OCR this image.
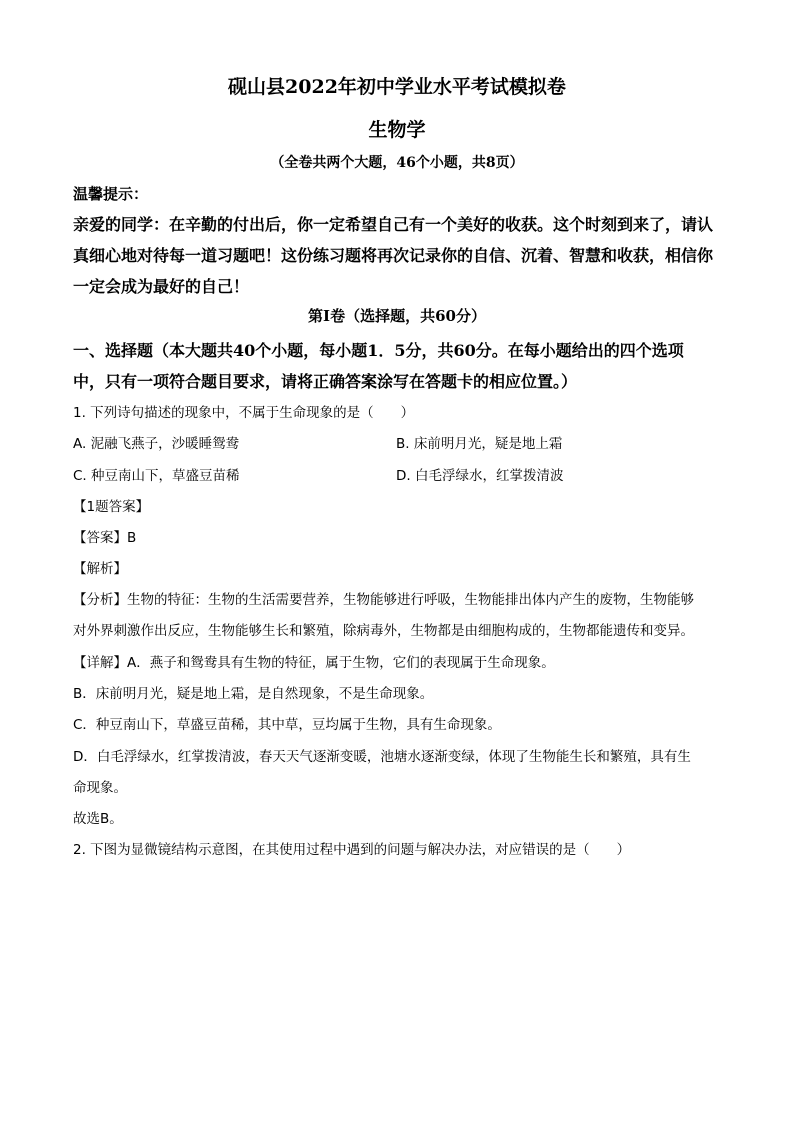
砚山县2022年初中学业水平考试模拟卷
生物学
（全卷共两个大题，46个小题，共8页）
温馨提示：
亲爱的同学：在辛勤的付出后，你一定希望自己有一个美好的收获。这个时刻到来了，请认
真细心地对待每一道习题吧！这份练习题将再次记录你的自信、沉着、智慧和收获，相信你
一定会成为最好的自己！
第I卷（选择题，共60分）
一、选择题（本大题共40个小题，每小题1．5分，共60分。在每小题给出的四个选项
中，只有一项符合题目要求，请将正确答案涂写在答题卡的相应位置。）
1. 下列诗句描述的现象中，不属于生命现象的是（　　）
A. 泥融飞燕子，沙暖睡鸳鸯	B. 床前明月光，疑是地上霜
C. 种豆南山下，草盛豆苗稀	D. 白毛浮绿水，红掌拨清波
【1题答案】
【答案】B
【解析】
【分析】生物的特征：生物的生活需要营养，生物能够进行呼吸，生物能排出体内产生的废物，生物能够
对外界刺激作出反应，生物能够生长和繁殖，除病毒外，生物都是由细胞构成的，生物都能遗传和变异。
【详解】A．燕子和鸳鸯具有生物的特征，属于生物，它们的表现属于生命现象。
B．床前明月光，疑是地上霜，是自然现象，不是生命现象。
C．种豆南山下，草盛豆苗稀，其中草，豆均属于生物，具有生命现象。
D．白毛浮绿水，红掌拨清波，春天天气逐渐变暖，池塘水逐渐变绿，体现了生物能生长和繁殖，具有生
命现象。
故选B。
2. 下图为显微镜结构示意图，在其使用过程中遇到的问题与解决办法，对应错误的是（　　）
